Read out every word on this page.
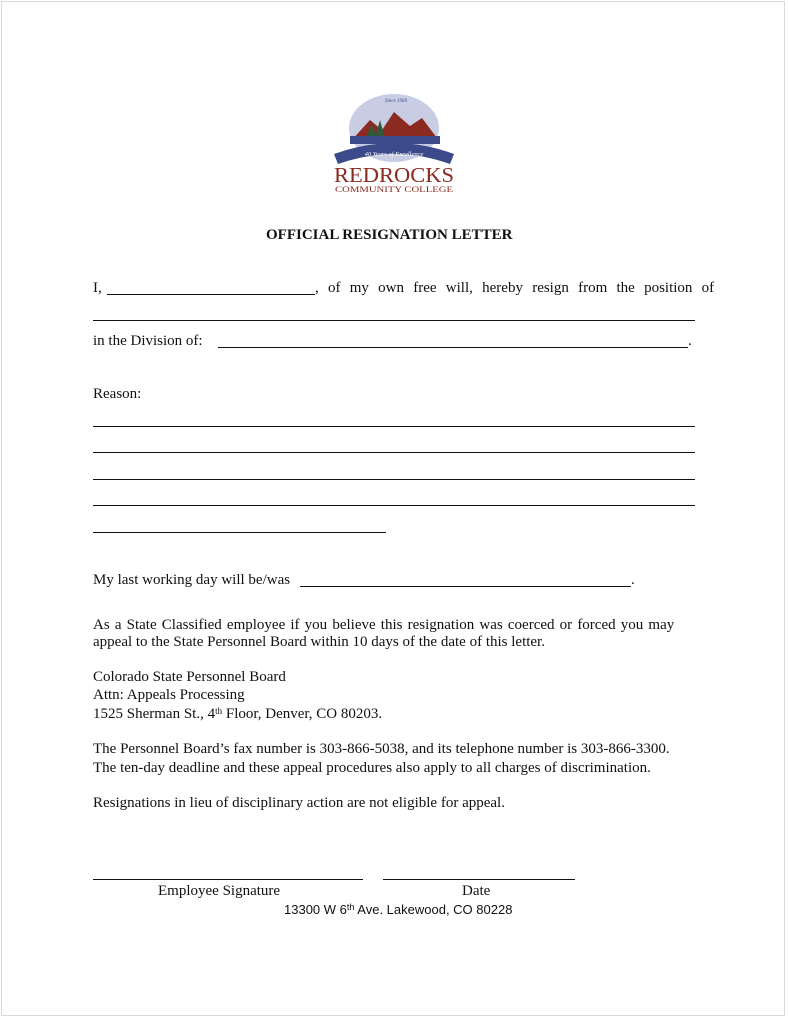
Since 1969
40 Years of Excellence
REDROCKS
COMMUNITY COLLEGE
OFFICIAL RESIGNATION LETTER
I,	, of my own free will, hereby resign from the position of
in the Division of:	.
Reason:
My last working day will be/was	.
As a State Classified employee if you believe this resignation was coerced or forced you may
appeal to the State Personnel Board within 10 days of the date of this letter.
Colorado State Personnel Board
Attn: Appeals Processing
1525 Sherman St., 4th Floor, Denver, CO 80203.
The Personnel Board’s fax number is 303-866-5038, and its telephone number is 303-866-3300.
The ten-day deadline and these appeal procedures also apply to all charges of discrimination.
Resignations in lieu of disciplinary action are not eligible for appeal.
Employee Signature	Date
13300 W 6th Ave. Lakewood, CO 80228
